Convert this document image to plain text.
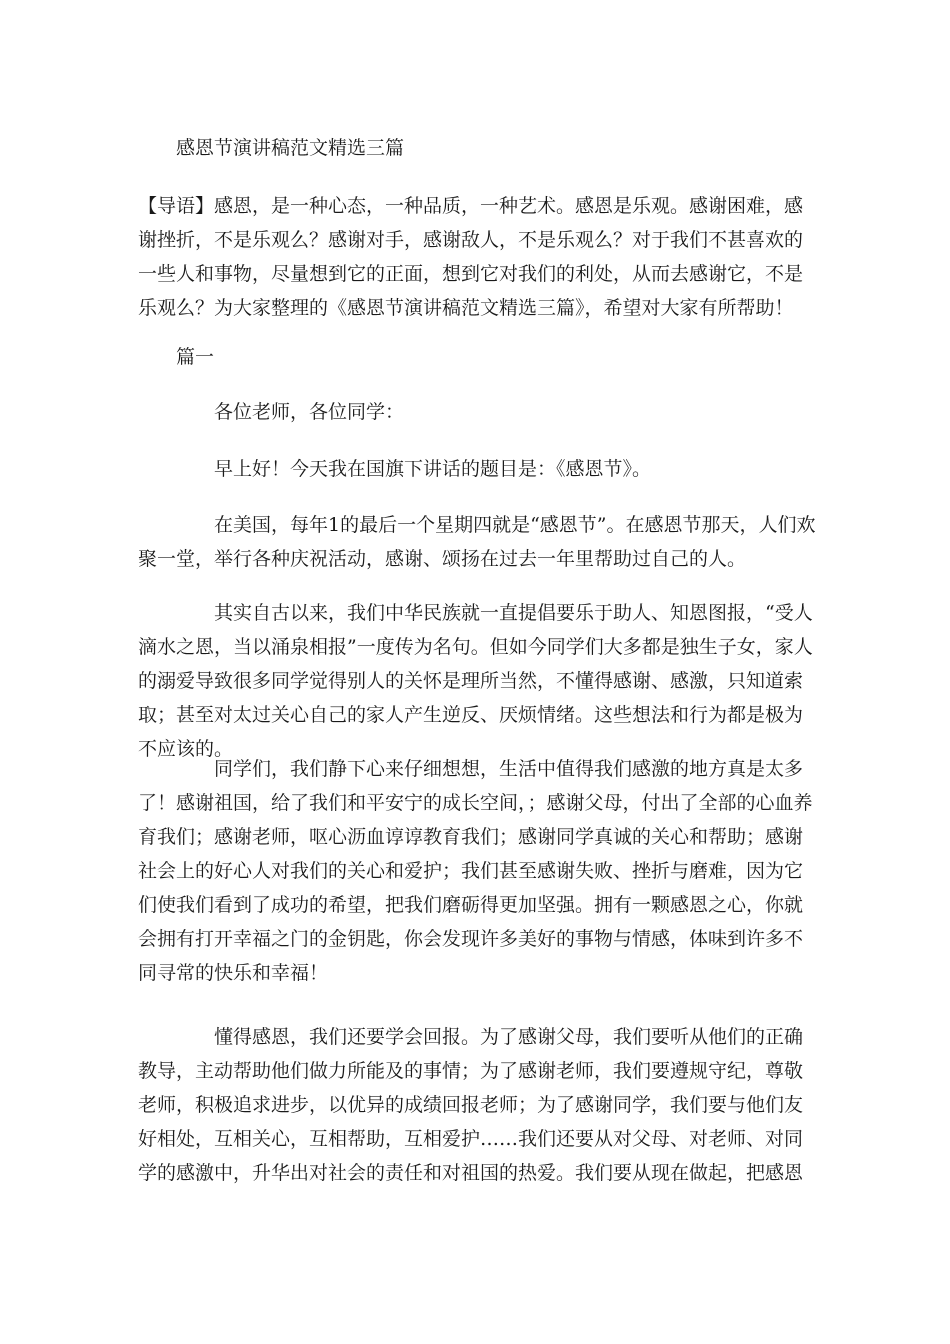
感恩节演讲稿范文精选三篇

【导语】感恩，是一种心态，一种品质，一种艺术。感恩是乐观。感谢困难，感谢挫折，不是乐观么？感谢对手，感谢敌人，不是乐观么？对于我们不甚喜欢的一些人和事物，尽量想到它的正面，想到它对我们的利处，从而去感谢它，不是乐观么？为大家整理的《感恩节演讲稿范文精选三篇》，希望对大家有所帮助！

篇一

各位老师，各位同学：

早上好！今天我在国旗下讲话的题目是：《感恩节》。

在美国，每年1的最后一个星期四就是“感恩节”。在感恩节那天，人们欢聚一堂，举行各种庆祝活动，感谢、颂扬在过去一年里帮助过自己的人。

其实自古以来，我们中华民族就一直提倡要乐于助人、知恩图报，“受人滴水之恩，当以涌泉相报”一度传为名句。但如今同学们大多都是独生子女，家人的溺爱导致很多同学觉得别人的关怀是理所当然，不懂得感谢、感激，只知道索取；甚至对太过关心自己的家人产生逆反、厌烦情绪。这些想法和行为都是极为不应该的。

同学们，我们静下心来仔细想想，生活中值得我们感激的地方真是太多了！感谢祖国，给了我们和平安宁的成长空间，；感谢父母，付出了全部的心血养育我们；感谢老师，呕心沥血谆谆教育我们；感谢同学真诚的关心和帮助；感谢社会上的好心人对我们的关心和爱护；我们甚至感谢失败、挫折与磨难，因为它们使我们看到了成功的希望，把我们磨砺得更加坚强。拥有一颗感恩之心，你就会拥有打开幸福之门的金钥匙，你会发现许多美好的事物与情感，体味到许多不同寻常的快乐和幸福！

懂得感恩，我们还要学会回报。为了感谢父母，我们要听从他们的正确教导，主动帮助他们做力所能及的事情；为了感谢老师，我们要遵规守纪，尊敬老师，积极追求进步，以优异的成绩回报老师；为了感谢同学，我们要与他们友好相处，互相关心，互相帮助，互相爱护……我们还要从对父母、对老师、对同学的感激中，升华出对社会的责任和对祖国的热爱。我们要从现在做起，把感恩
